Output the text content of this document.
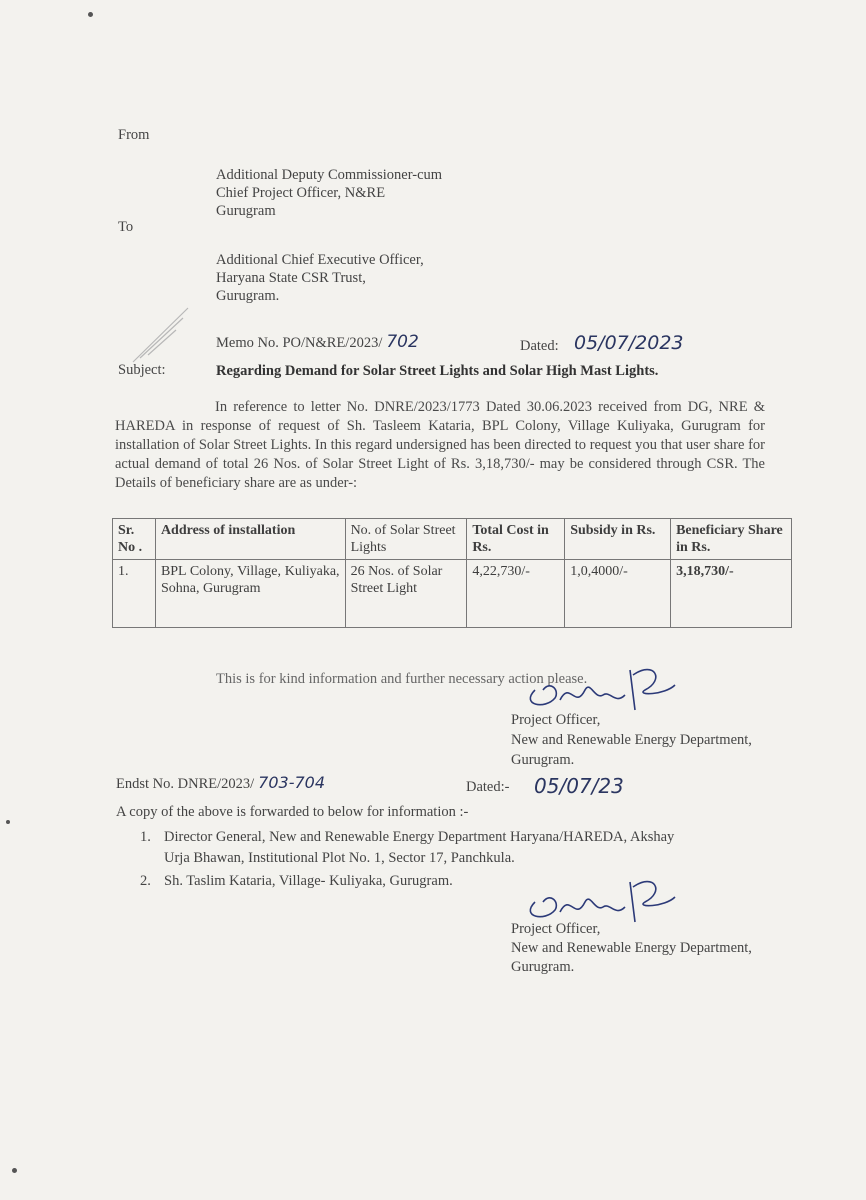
From
Additional Deputy Commissioner-cum
Chief Project Officer, N&RE
Gurugram
To
Additional Chief Executive Officer,
Haryana State CSR Trust,
Gurugram.
Memo No. PO/N&RE/2023/ 702	Dated: 05/07/2023
Subject:	Regarding Demand for Solar Street Lights and Solar High Mast Lights.
In reference to letter No. DNRE/2023/1773 Dated 30.06.2023 received from DG, NRE & HAREDA in response of request of Sh. Tasleem Kataria, BPL Colony, Village Kuliyaka, Gurugram for installation of Solar Street Lights. In this regard undersigned has been directed to request you that user share for actual demand of total 26 Nos. of Solar Street Light of Rs. 3,18,730/- may be considered through CSR. The Details of beneficiary share are as under-:
Sr. No .	Address of installation	No. of Solar Street Lights	Total Cost in Rs.	Subsidy in Rs.	Beneficiary Share in Rs.
1.	BPL Colony, Village, Kuliyaka, Sohna, Gurugram	26 Nos. of Solar Street Light	4,22,730/-	1,0,4000/-	3,18,730/-
This is for kind information and further necessary action please.
Project Officer,
New and Renewable Energy Department,
Gurugram.
Endst No. DNRE/2023/ 703-704	Dated:- 05/07/23
A copy of the above is forwarded to below for information :-
1. Director General, New and Renewable Energy Department Haryana/HAREDA, Akshay
Urja Bhawan, Institutional Plot No. 1, Sector 17, Panchkula.
2. Sh. Taslim Kataria, Village- Kuliyaka, Gurugram.
Project Officer,
New and Renewable Energy Department,
Gurugram.
